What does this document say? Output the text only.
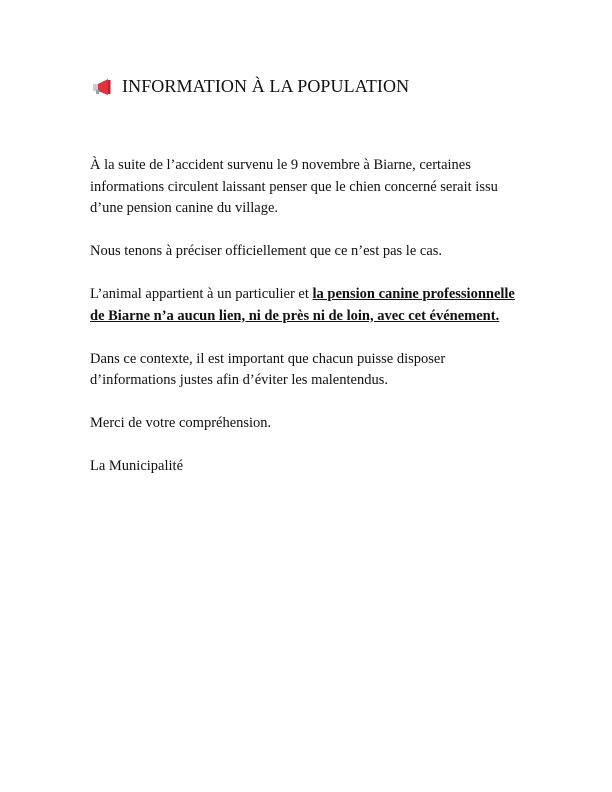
INFORMATION À LA POPULATION

À la suite de l’accident survenu le 9 novembre à Biarne, certaines informations circulent laissant penser que le chien concerné serait issu d’une pension canine du village.

Nous tenons à préciser officiellement que ce n’est pas le cas.

L’animal appartient à un particulier et la pension canine professionnelle de Biarne n’a aucun lien, ni de près ni de loin, avec cet événement.

Dans ce contexte, il est important que chacun puisse disposer d’informations justes afin d’éviter les malentendus.

Merci de votre compréhension.

La Municipalité
